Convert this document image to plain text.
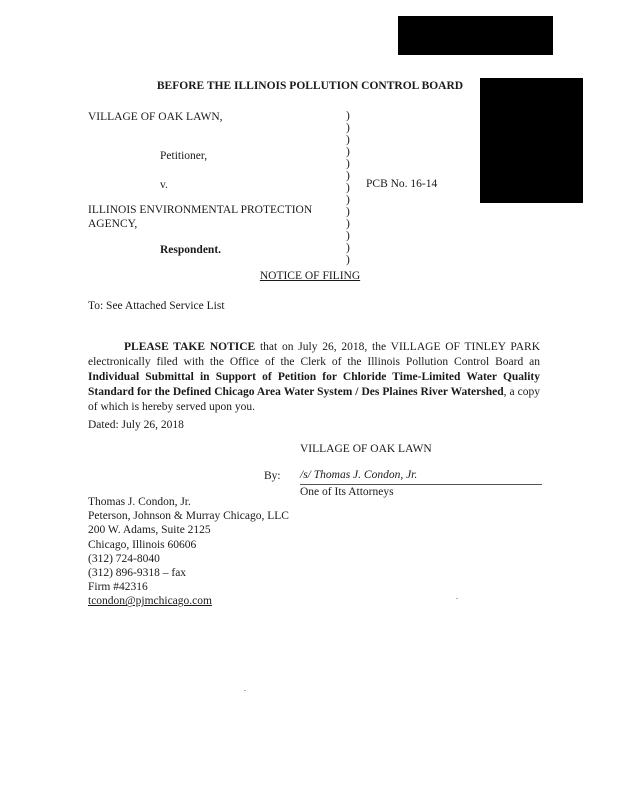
BEFORE THE ILLINOIS POLLUTION CONTROL BOARD
VILLAGE OF OAK LAWN,
Petitioner,
v.
ILLINOIS ENVIRONMENTAL PROTECTION
AGENCY,
Respondent.
)
)
)
)
)
)
)
)
)
)
)
)
)
PCB No. 16-14
NOTICE OF FILING
To: See Attached Service List
PLEASE TAKE NOTICE that on July 26, 2018, the VILLAGE OF TINLEY PARK electronically filed with the Office of the Clerk of the Illinois Pollution Control Board an Individual Submittal in Support of Petition for Chloride Time-Limited Water Quality Standard for the Defined Chicago Area Water System / Des Plaines River Watershed, a copy of which is hereby served upon you.
Dated: July 26, 2018
VILLAGE OF OAK LAWN
By: /s/ Thomas J. Condon, Jr.
One of Its Attorneys
Thomas J. Condon, Jr.
Peterson, Johnson & Murray Chicago, LLC
200 W. Adams, Suite 2125
Chicago, Illinois 60606
(312) 724-8040
(312) 896-9318 – fax
Firm #42316
tcondon@pjmchicago.com
